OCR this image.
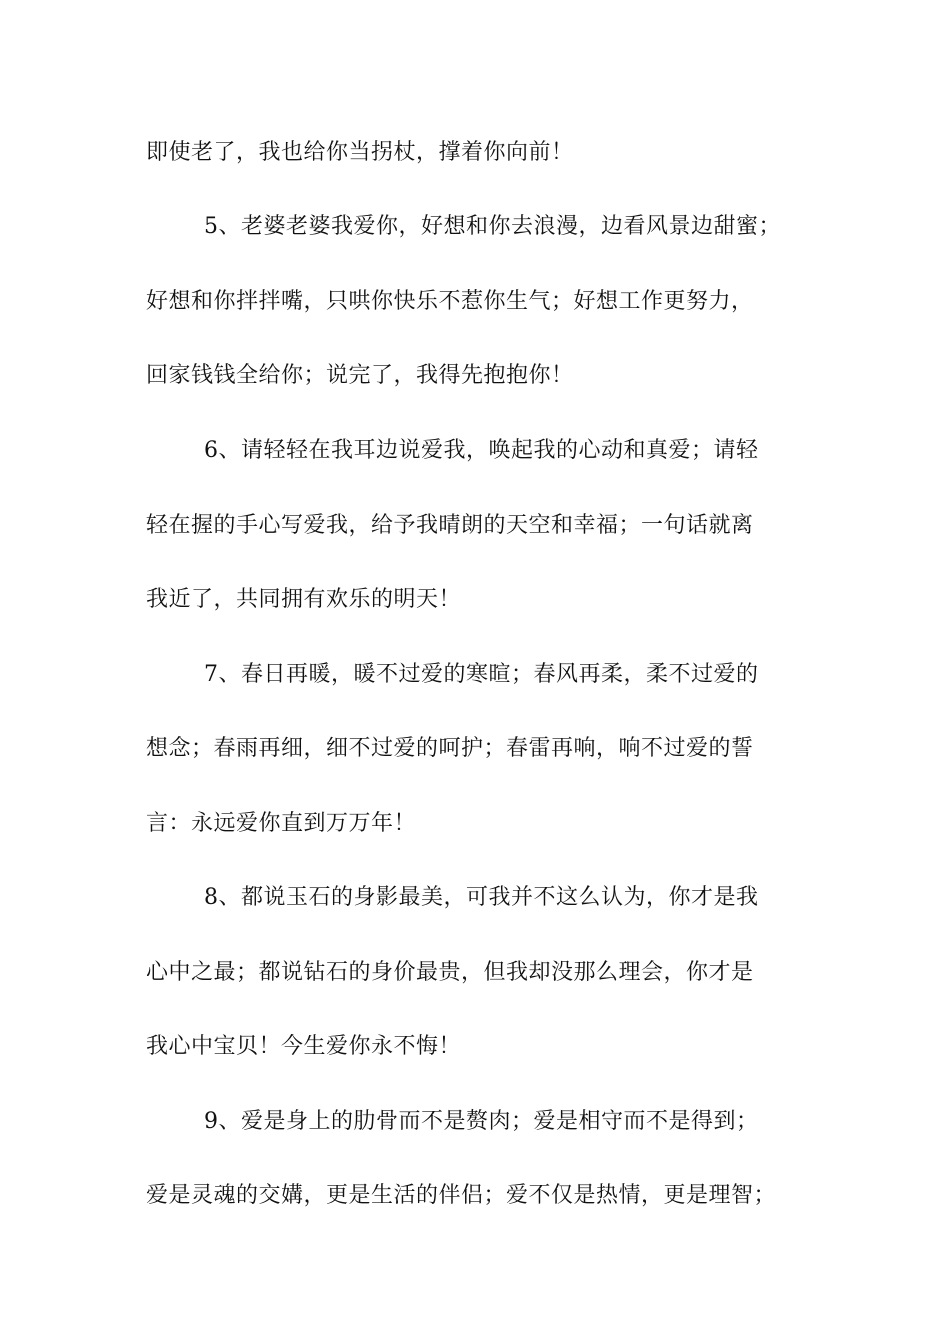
即使老了，我也给你当拐杖，撑着你向前！
5、老婆老婆我爱你，好想和你去浪漫，边看风景边甜蜜；
好想和你拌拌嘴，只哄你快乐不惹你生气；好想工作更努力，
回家钱钱全给你；说完了，我得先抱抱你！
6、请轻轻在我耳边说爱我，唤起我的心动和真爱；请轻
轻在握的手心写爱我，给予我晴朗的天空和幸福；一句话就离
我近了，共同拥有欢乐的明天！
7、春日再暖，暖不过爱的寒暄；春风再柔，柔不过爱的
想念；春雨再细，细不过爱的呵护；春雷再响，响不过爱的誓
言：永远爱你直到万万年！
8、都说玉石的身影最美，可我并不这么认为，你才是我
心中之最；都说钻石的身价最贵，但我却没那么理会，你才是
我心中宝贝！今生爱你永不悔！
9、爱是身上的肋骨而不是赘肉；爱是相守而不是得到；
爱是灵魂的交媾，更是生活的伴侣；爱不仅是热情，更是理智；
